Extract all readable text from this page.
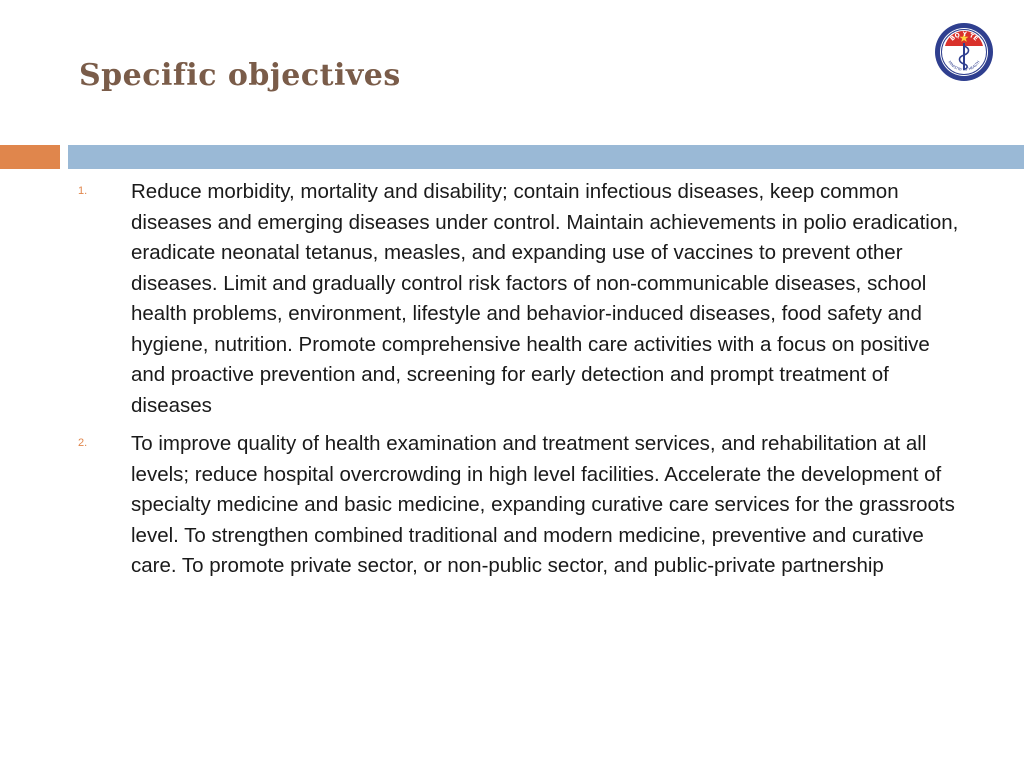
Specific objectives
BỘ Y TẾ
MINISTRY OF HEALTH
1. Reduce morbidity, mortality and disability; contain infectious diseases, keep common diseases and emerging diseases under control. Maintain achievements in polio eradication, eradicate neonatal tetanus, measles, and expanding use of vaccines to prevent other diseases. Limit and gradually control risk factors of non-communicable diseases, school health problems, environment, lifestyle and behavior-induced diseases, food safety and hygiene, nutrition. Promote comprehensive health care activities with a focus on positive and proactive prevention and, screening for early detection and prompt treatment of diseases
2. To improve quality of health examination and treatment services, and rehabilitation at all levels; reduce hospital overcrowding in high level facilities. Accelerate the development of specialty medicine and basic medicine, expanding curative care services for the grassroots level. To strengthen combined traditional and modern medicine, preventive and curative care. To promote private sector, or non-public sector, and public-private partnership
